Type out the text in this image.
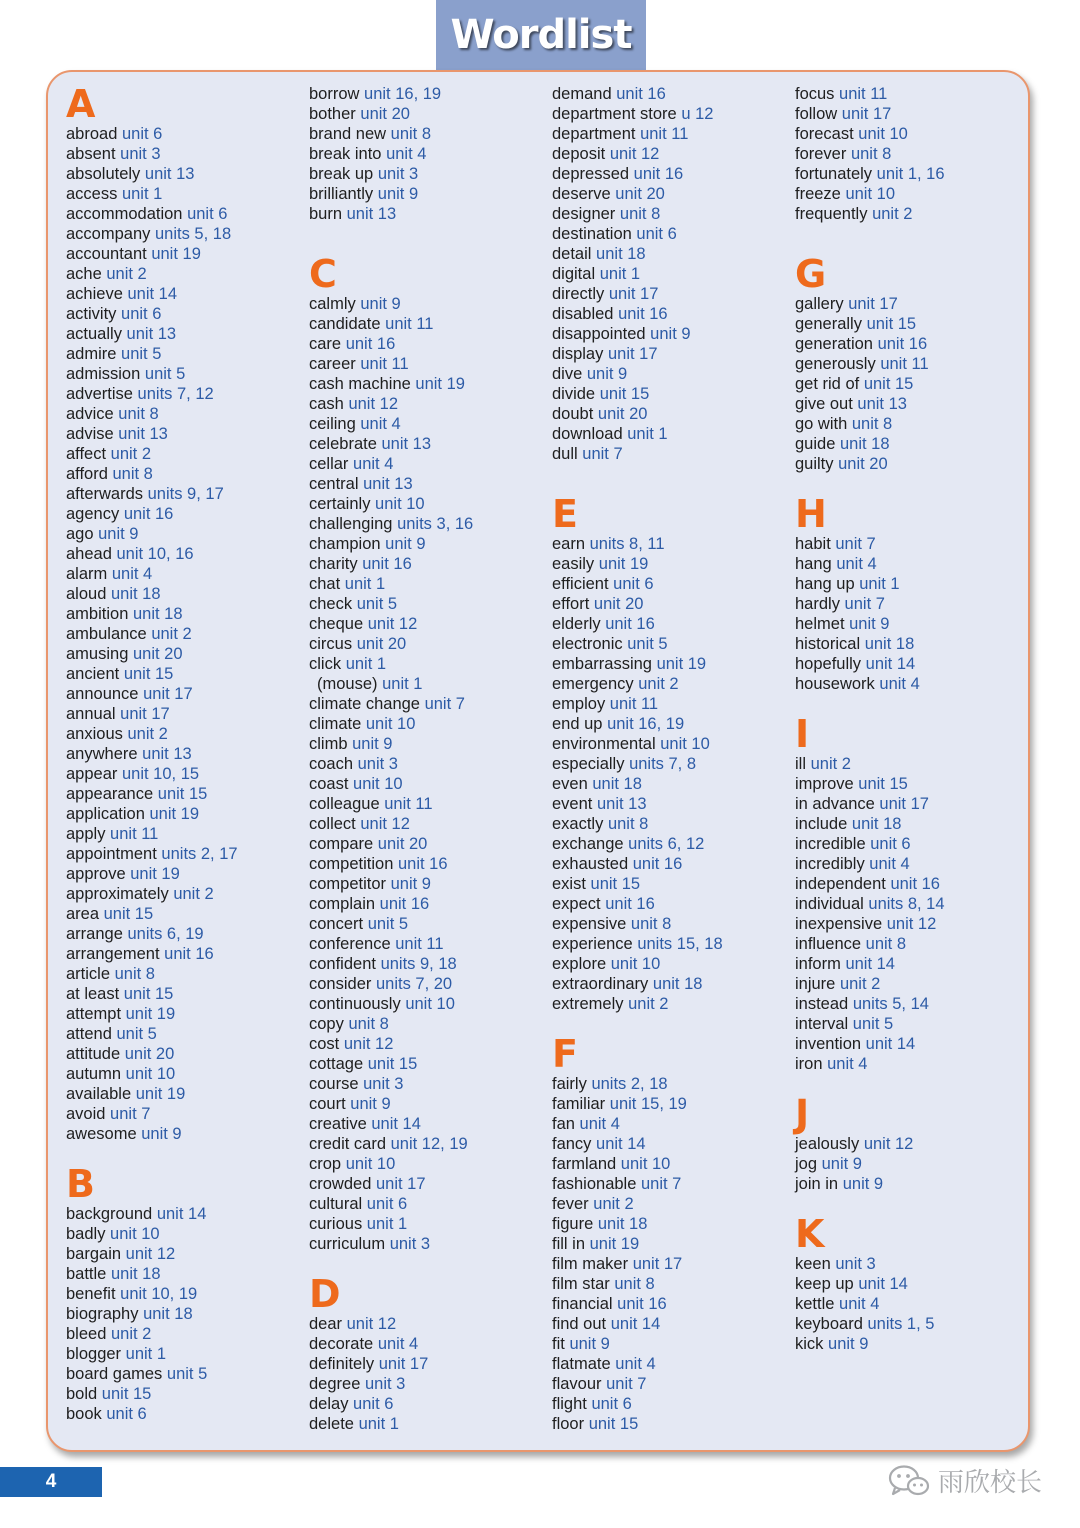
Wordlist
A
abroad unit 6
absent unit 3
absolutely unit 13
access unit 1
accommodation unit 6
accompany units 5, 18
accountant unit 19
ache unit 2
achieve unit 14
activity unit 6
actually unit 13
admire unit 5
admission unit 5
advertise units 7, 12
advice unit 8
advise unit 13
affect unit 2
afford unit 8
afterwards units 9, 17
agency unit 16
ago unit 9
ahead unit 10, 16
alarm unit 4
aloud unit 18
ambition unit 18
ambulance unit 2
amusing unit 20
ancient unit 15
announce unit 17
annual unit 17
anxious unit 2
anywhere unit 13
appear unit 10, 15
appearance unit 15
application unit 19
apply unit 11
appointment units 2, 17
approve unit 19
approximately unit 2
area unit 15
arrange units 6, 19
arrangement unit 16
article unit 8
at least unit 15
attempt unit 19
attend unit 5
attitude unit 20
autumn unit 10
available unit 19
avoid unit 7
awesome unit 9
B
background unit 14
badly unit 10
bargain unit 12
battle unit 18
benefit unit 10, 19
biography unit 18
bleed unit 2
blogger unit 1
board games unit 5
bold unit 15
book unit 6
borrow unit 16, 19
bother unit 20
brand new unit 8
break into unit 4
break up unit 3
brilliantly unit 9
burn unit 13
C
calmly unit 9
candidate unit 11
care unit 16
career unit 11
cash machine unit 19
cash unit 12
ceiling unit 4
celebrate unit 13
cellar unit 4
central unit 13
certainly unit 10
challenging units 3, 16
champion unit 9
charity unit 16
chat unit 1
check unit 5
cheque unit 12
circus unit 20
click unit 1
(mouse) unit 1
climate change unit 7
climate unit 10
climb unit 9
coach unit 3
coast unit 10
colleague unit 11
collect unit 12
compare unit 20
competition unit 16
competitor unit 9
complain unit 16
concert unit 5
conference unit 11
confident units 9, 18
consider units 7, 20
continuously unit 10
copy unit 8
cost unit 12
cottage unit 15
course unit 3
court unit 9
creative unit 14
credit card unit 12, 19
crop unit 10
crowded unit 17
cultural unit 6
curious unit 1
curriculum unit 3
D
dear unit 12
decorate unit 4
definitely unit 17
degree unit 3
delay unit 6
delete unit 1
demand unit 16
department store u 12
department unit 11
deposit unit 12
depressed unit 16
deserve unit 20
designer unit 8
destination unit 6
detail unit 18
digital unit 1
directly unit 17
disabled unit 16
disappointed unit 9
display unit 17
dive unit 9
divide unit 15
doubt unit 20
download unit 1
dull unit 7
E
earn units 8, 11
easily unit 19
efficient unit 6
effort unit 20
elderly unit 16
electronic unit 5
embarrassing unit 19
emergency unit 2
employ unit 11
end up unit 16, 19
environmental unit 10
especially units 7, 8
even unit 18
event unit 13
exactly unit 8
exchange units 6, 12
exhausted unit 16
exist unit 15
expect unit 16
expensive unit 8
experience units 15, 18
explore unit 10
extraordinary unit 18
extremely unit 2
F
fairly units 2, 18
familiar unit 15, 19
fan unit 4
fancy unit 14
farmland unit 10
fashionable unit 7
fever unit 2
figure unit 18
fill in unit 19
film maker unit 17
film star unit 8
financial unit 16
find out unit 14
fit unit 9
flatmate unit 4
flavour unit 7
flight unit 6
floor unit 15
focus unit 11
follow unit 17
forecast unit 10
forever unit 8
fortunately unit 1, 16
freeze unit 10
frequently unit 2
G
gallery unit 17
generally unit 15
generation unit 16
generously unit 11
get rid of unit 15
give out unit 13
go with unit 8
guide unit 18
guilty unit 20
H
habit unit 7
hang unit 4
hang up unit 1
hardly unit 7
helmet unit 9
historical unit 18
hopefully unit 14
housework unit 4
I
ill unit 2
improve unit 15
in advance unit 17
include unit 18
incredible unit 6
incredibly unit 4
independent unit 16
individual units 8, 14
inexpensive unit 12
influence unit 8
inform unit 14
injure unit 2
instead units 5, 14
interval unit 5
invention unit 14
iron unit 4
J
jealously unit 12
jog unit 9
join in unit 9
K
keen unit 3
keep up unit 14
kettle unit 4
keyboard units 1, 5
kick unit 9
4	雨欣校长
